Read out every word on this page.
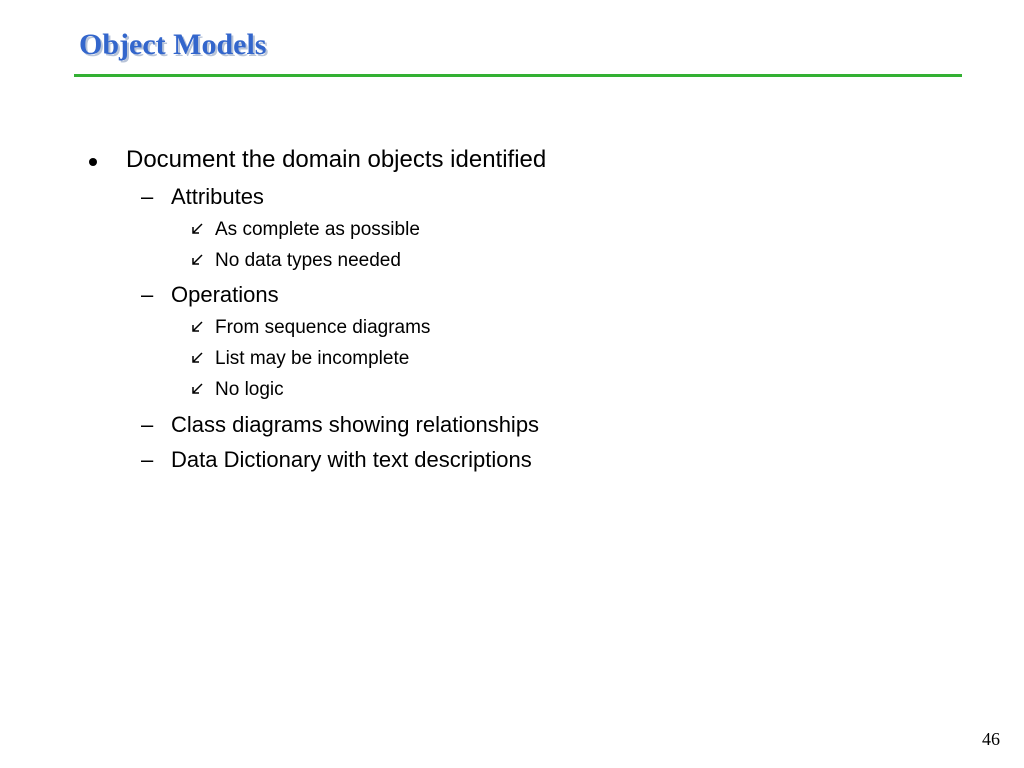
Object Models
Document the domain objects identified
– Attributes
As complete as possible
No data types needed
– Operations
From sequence diagrams
List may be incomplete
No logic
– Class diagrams showing relationships
– Data Dictionary with text descriptions
46
